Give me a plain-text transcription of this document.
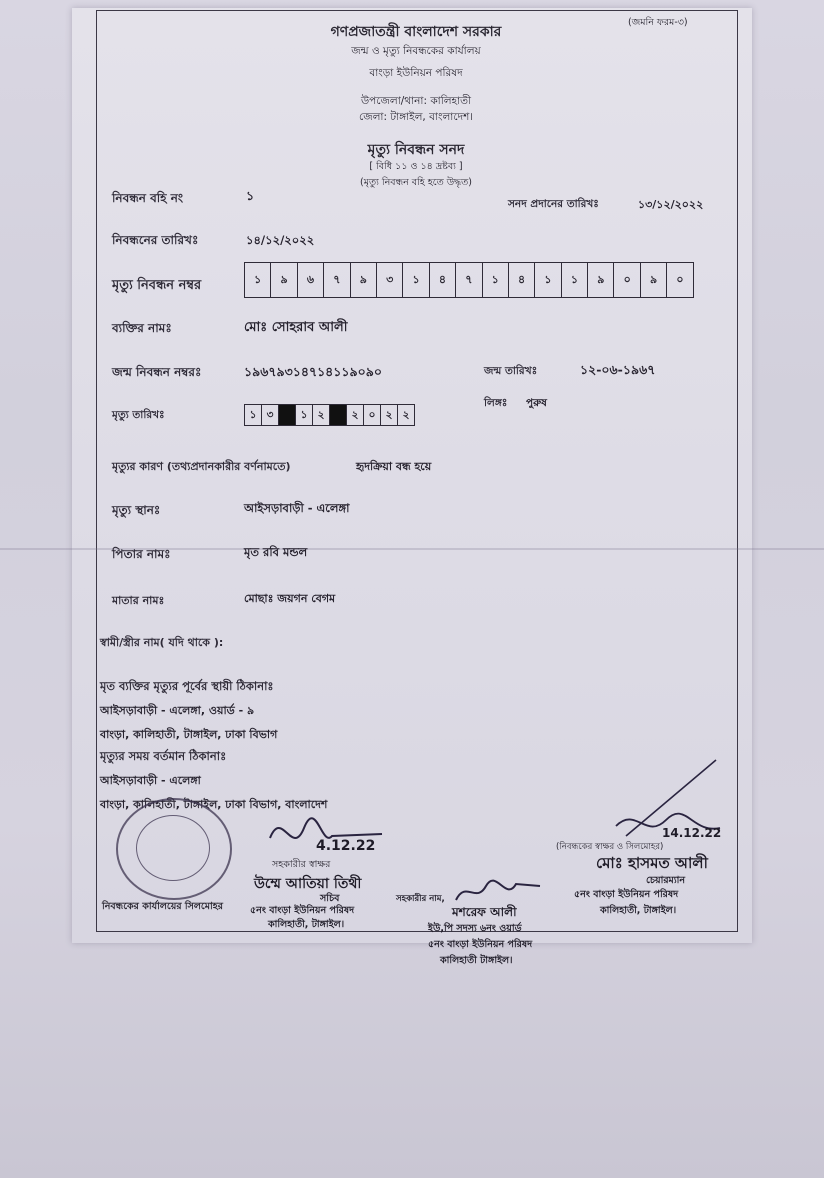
(জমনি ফরম-৩)
গণপ্রজাতন্ত্রী বাংলাদেশ সরকার
জন্ম ও মৃত্যু নিবন্ধকের কার্যালয়
বাংড়া ইউনিয়ন পরিষদ
উপজেলা/থানা: কালিহাতী
জেলা: টাঙ্গাইল, বাংলাদেশ।
মৃত্যু নিবন্ধন সনদ
[ বিধি ১১ ও ১৪ দ্রষ্টব্য ]
(মৃত্যু নিবন্ধন বহি হতে উদ্ধৃত)
নিবন্ধন বহি নং	১
সনদ প্রদানের তারিখঃ	১৩/১২/২০২২
নিবন্ধনের তারিখঃ	১৪/১২/২০২২
মৃত্যু নিবন্ধন নম্বর	১	৯	৬	৭	৯	৩	১	৪	৭	১	৪	১	১	৯	০	৯	০
ব্যক্তির নামঃ	মোঃ সোহরাব আলী
জন্ম নিবন্ধন নম্বরঃ	১৯৬৭৯৩১৪৭১৪১১৯০৯০	জন্ম তারিখঃ	১২-০৬-১৯৬৭
লিঙ্গঃ পুরুষ
মৃত্যু তারিখঃ	১ ৩	১ ২	২ ০ ২ ২
মৃত্যুর কারণ (তথ্যপ্রদানকারীর বর্ণনামতে)	হৃদক্রিয়া বন্ধ হয়ে
মৃত্যু স্থানঃ	আইসড়াবাড়ী - এলেঙ্গা
পিতার নামঃ	মৃত রবি মন্ডল
মাতার নামঃ	মোছাঃ জয়গন বেগম
স্বামী/স্ত্রীর নাম( যদি থাকে ):
মৃত ব্যক্তির মৃত্যুর পূর্বের স্থায়ী ঠিকানাঃ
আইসড়াবাড়ী - এলেঙ্গা, ওয়ার্ড - ৯
বাংড়া, কালিহাতী, টাঙ্গাইল, ঢাকা বিভাগ
মৃত্যুর সময় বর্তমান ঠিকানাঃ
আইসড়াবাড়ী - এলেঙ্গা
বাংড়া, কালিহাতী, টাঙ্গাইল, ঢাকা বিভাগ, বাংলাদেশ
নিবন্ধকের কার্যালয়ের সিলমোহর
4.12.22
সহকারীর স্বাক্ষর
উম্মে আতিয়া তিথী
সচিব
৫নং বাংড়া ইউনিয়ন পরিষদ
কালিহাতী, টাঙ্গাইল।
সহকারীর নাম,
মশরেফ আলী
ইউ,পি সদস্য ৬নং ওয়ার্ড
৫নং বাংড়া ইউনিয়ন পরিষদ
কালিহাতী টাঙ্গাইল।
14.12.22
(নিবন্ধকের স্বাক্ষর ও সিলমোহর)
মোঃ হাসমত আলী
চেয়ারম্যান
৫নং বাংড়া ইউনিয়ন পরিষদ
কালিহাতী, টাঙ্গাইল।
